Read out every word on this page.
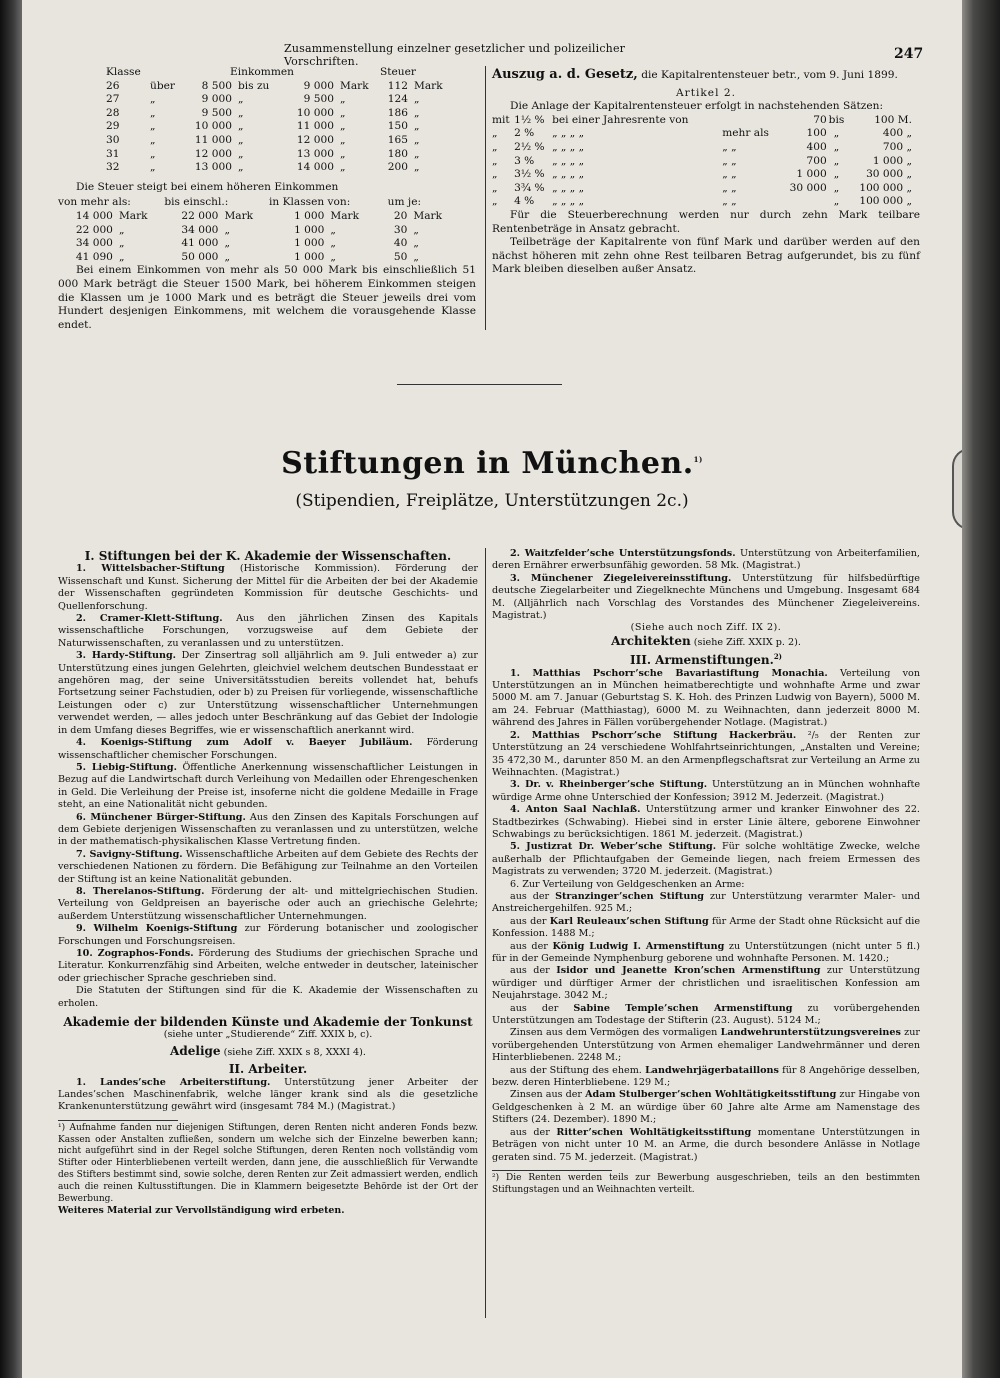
Zusammenstellung einzelner gesetzlicher und polizeilicher Vorschriften.	247
Klasse	Einkommen					Steuer	
26	über	8 500	bis zu	9 000	Mark	112	Mark
27	„	9 000	„	9 500	„	124	„
28	„	9 500	„	10 000	„	186	„
29	„	10 000	„	11 000	„	150	„
30	„	11 000	„	12 000	„	165	„
31	„	12 000	„	13 000	„	180	„
32	„	13 000	„	14 000	„	200	„

Die Steuer steigt bei einem höheren Einkommen

von mehr als:		bis einschl.:		in Klassen von:		um je:	
14 000	Mark	22 000	Mark	1 000	Mark	20	Mark
22 000	„	34 000	„	1 000	„	30	„
34 000	„	41 000	„	1 000	„	40	„
41 090	„	50 000	„	1 000	„	50	„

Bei einem Einkommen von mehr als 50 000 Mark bis einschließlich 51 000 Mark beträgt die Steuer 1500 Mark, bei höherem Einkommen steigen die Klassen um je 1000 Mark und es beträgt die Steuer jeweils drei vom Hundert desjenigen Einkommens, mit welchem die vorausgehende Klasse endet.

Auszug a. d. Gesetz, die Kapitalrentensteuer betr., vom 9. Juni 1899.

Artikel 2.

Die Anlage der Kapitalrentensteuer erfolgt in nachstehenden Sätzen:

mit	1½ %	bei einer Jahresrente von		70	bis	100 M.
„	2 %	„ „ „ „	mehr als	100	„	400 „
„	2½ %	„ „ „ „	„ „	400	„	700 „
„	3 %	„ „ „ „	„ „	700	„	1 000 „
„	3½ %	„ „ „ „	„ „	1 000	„	30 000 „
„	3¾ %	„ „ „ „	„ „	30 000	„	100 000 „
„	4 %	„ „ „ „	„ „		„	100 000 „

Für die Steuerberechnung werden nur durch zehn Mark teilbare Rentenbeträge in Ansatz gebracht.

Teilbeträge der Kapitalrente von fünf Mark und darüber werden auf den nächst höheren mit zehn ohne Rest teilbaren Betrag aufgerundet, bis zu fünf Mark bleiben dieselben außer Ansatz.

Stiftungen in München.$^{1)}$
(Stipendien, Freiplätze, Unterstützungen 2c.)
I. Stiftungen bei der K. Akademie der Wissenschaften.

1. Wittelsbacher-Stiftung (Historische Kommission). Förderung der Wissenschaft und Kunst. Sicherung der Mittel für die Arbeiten der bei der Akademie der Wissenschaften gegründeten Kommission für deutsche Geschichts- und Quellenforschung.

2. Cramer-Klett-Stiftung. Aus den jährlichen Zinsen des Kapitals wissenschaftliche Forschungen, vorzugsweise auf dem Gebiete der Naturwissenschaften, zu veranlassen und zu unterstützen.

3. Hardy-Stiftung. Der Zinsertrag soll alljährlich am 9. Juli entweder a) zur Unterstützung eines jungen Gelehrten, gleichviel welchem deutschen Bundesstaat er angehören mag, der seine Universitätsstudien bereits vollendet hat, behufs Fortsetzung seiner Fachstudien, oder b) zu Preisen für vorliegende, wissenschaftliche Leistungen oder c) zur Unterstützung wissenschaftlicher Unternehmungen verwendet werden, — alles jedoch unter Beschränkung auf das Gebiet der Indologie in dem Umfang dieses Begriffes, wie er wissenschaftlich anerkannt wird.

4. Koenigs-Stiftung zum Adolf v. Baeyer Jubiläum. Förderung wissenschaftlicher chemischer Forschungen.

5. Liebig-Stiftung. Öffentliche Anerkennung wissenschaftlicher Leistungen in Bezug auf die Landwirtschaft durch Verleihung von Medaillen oder Ehrengeschenken in Geld. Die Verleihung der Preise ist, insoferne nicht die goldene Medaille in Frage steht, an eine Nationalität nicht gebunden.

6. Münchener Bürger-Stiftung. Aus den Zinsen des Kapitals Forschungen auf dem Gebiete derjenigen Wissenschaften zu veranlassen und zu unterstützen, welche in der mathematisch-physikalischen Klasse Vertretung finden.

7. Savigny-Stiftung. Wissenschaftliche Arbeiten auf dem Gebiete des Rechts der verschiedenen Nationen zu fördern. Die Befähigung zur Teilnahme an den Vorteilen der Stiftung ist an keine Nationalität gebunden.

8. Therelanos-Stiftung. Förderung der alt- und mittelgriechischen Studien. Verteilung von Geldpreisen an bayerische oder auch an griechische Gelehrte; außerdem Unterstützung wissenschaftlicher Unternehmungen.

9. Wilhelm Koenigs-Stiftung zur Förderung botanischer und zoologischer Forschungen und Forschungsreisen.

10. Zographos-Fonds. Förderung des Studiums der griechischen Sprache und Literatur. Konkurrenzfähig sind Arbeiten, welche entweder in deutscher, lateinischer oder griechischer Sprache geschrieben sind.

Die Statuten der Stiftungen sind für die K. Akademie der Wissenschaften zu erholen.

Akademie der bildenden Künste und Akademie der Tonkunst

(siehe unter „Studierende“ Ziff. XXIX b, c).

Adelige (siehe Ziff. XXIX s 8, XXXI 4).

II. Arbeiter.

1. Landes’sche Arbeiterstiftung. Unterstützung jener Arbeiter der Landes’schen Maschinenfabrik, welche länger krank sind als die gesetzliche Krankenunterstützung gewährt wird (insgesamt 784 M.) (Magistrat.)

¹) Aufnahme fanden nur diejenigen Stiftungen, deren Renten nicht anderen Fonds bezw. Kassen oder Anstalten zufließen, sondern um welche sich der Einzelne bewerben kann; nicht aufgeführt sind in der Regel solche Stiftungen, deren Renten noch vollständig vom Stifter oder Hinterbliebenen verteilt werden, dann jene, die ausschließlich für Verwandte des Stifters bestimmt sind, sowie solche, deren Renten zur Zeit admassiert werden, endlich auch die reinen Kultusstiftungen. Die in Klammern beigesetzte Behörde ist der Ort der Bewerbung.

Weiteres Material zur Vervollständigung wird erbeten.

2. Waitzfelder’sche Unterstützungsfonds. Unterstützung von Arbeiterfamilien, deren Ernährer erwerbsunfähig geworden. 58 Mk. (Magistrat.)

3. Münchener Ziegeleivereinsstiftung. Unterstützung für hilfsbedürftige deutsche Ziegelarbeiter und Ziegelknechte Münchens und Umgebung. Insgesamt 684 M. (Alljährlich nach Vorschlag des Vorstandes des Münchener Ziegeleivereins. Magistrat.)

(Siehe auch noch Ziff. IX 2).

Architekten (siehe Ziff. XXIX p. 2).

III. Armenstiftungen.$^{2)}$

1. Matthias Pschorr’sche Bavariastiftung Monachia. Verteilung von Unterstützungen an in München heimatberechtigte und wohnhafte Arme und zwar 5000 M. am 7. Januar (Geburtstag S. K. Hoh. des Prinzen Ludwig von Bayern), 5000 M. am 24. Februar (Matthiastag), 6000 M. zu Weihnachten, dann jederzeit 8000 M. während des Jahres in Fällen vorübergehender Notlage. (Magistrat.)

2. Matthias Pschorr’sche Stiftung Hackerbräu. ²/₅ der Renten zur Unterstützung an 24 verschiedene Wohlfahrtseinrichtungen, „Anstalten und Vereine; 35 472,30 M., darunter 850 M. an den Armenpflegschaftsrat zur Verteilung an Arme zu Weihnachten. (Magistrat.)

3. Dr. v. Rheinberger’sche Stiftung. Unterstützung an in München wohnhafte würdige Arme ohne Unterschied der Konfession; 3912 M. Jederzeit. (Magistrat.)

4. Anton Saal Nachlaß. Unterstützung armer und kranker Einwohner des 22. Stadtbezirkes (Schwabing). Hiebei sind in erster Linie ältere, geborene Einwohner Schwabings zu berücksichtigen. 1861 M. jederzeit. (Magistrat.)

5. Justizrat Dr. Weber’sche Stiftung. Für solche wohltätige Zwecke, welche außerhalb der Pflichtaufgaben der Gemeinde liegen, nach freiem Ermessen des Magistrats zu verwenden; 3720 M. jederzeit. (Magistrat.)

6. Zur Verteilung von Geldgeschenken an Arme:

aus der Stranzinger’schen Stiftung zur Unterstützung verarmter Maler- und Anstreichergehilfen. 925 M.;

aus der Karl Reuleaux’schen Stiftung für Arme der Stadt ohne Rücksicht auf die Konfession. 1488 M.;

aus der König Ludwig I. Armenstiftung zu Unterstützungen (nicht unter 5 fl.) für in der Gemeinde Nymphenburg geborene und wohnhafte Personen. M. 1420.;

aus der Isidor und Jeanette Kron’schen Armenstiftung zur Unterstützung würdiger und dürftiger Armer der christlichen und israelitischen Konfession am Neujahrstage. 3042 M.;

aus der Sabine Temple’schen Armenstiftung zu vorübergehenden Unterstützungen am Todestage der Stifterin (23. August). 5124 M.;

Zinsen aus dem Vermögen des vormaligen Landwehrunterstützungsvereines zur vorübergehenden Unterstützung von Armen ehemaliger Landwehrmänner und deren Hinterbliebenen. 2248 M.;

aus der Stiftung des ehem. Landwehrjägerbataillons für 8 Angehörige desselben, bezw. deren Hinterbliebene. 129 M.;

Zinsen aus der Adam Stulberger’schen Wohltätigkeitsstiftung zur Hingabe von Geldgeschenken à 2 M. an würdige über 60 Jahre alte Arme am Namenstage des Stifters (24. Dezember). 1890 M.;

aus der Ritter’schen Wohltätigkeitsstiftung momentane Unterstützungen in Beträgen von nicht unter 10 M. an Arme, die durch besondere Anlässe in Notlage geraten sind. 75 M. jederzeit. (Magistrat.)

²) Die Renten werden teils zur Bewerbung ausgeschrieben, teils an den bestimmten Stiftungstagen und an Weihnachten verteilt.
